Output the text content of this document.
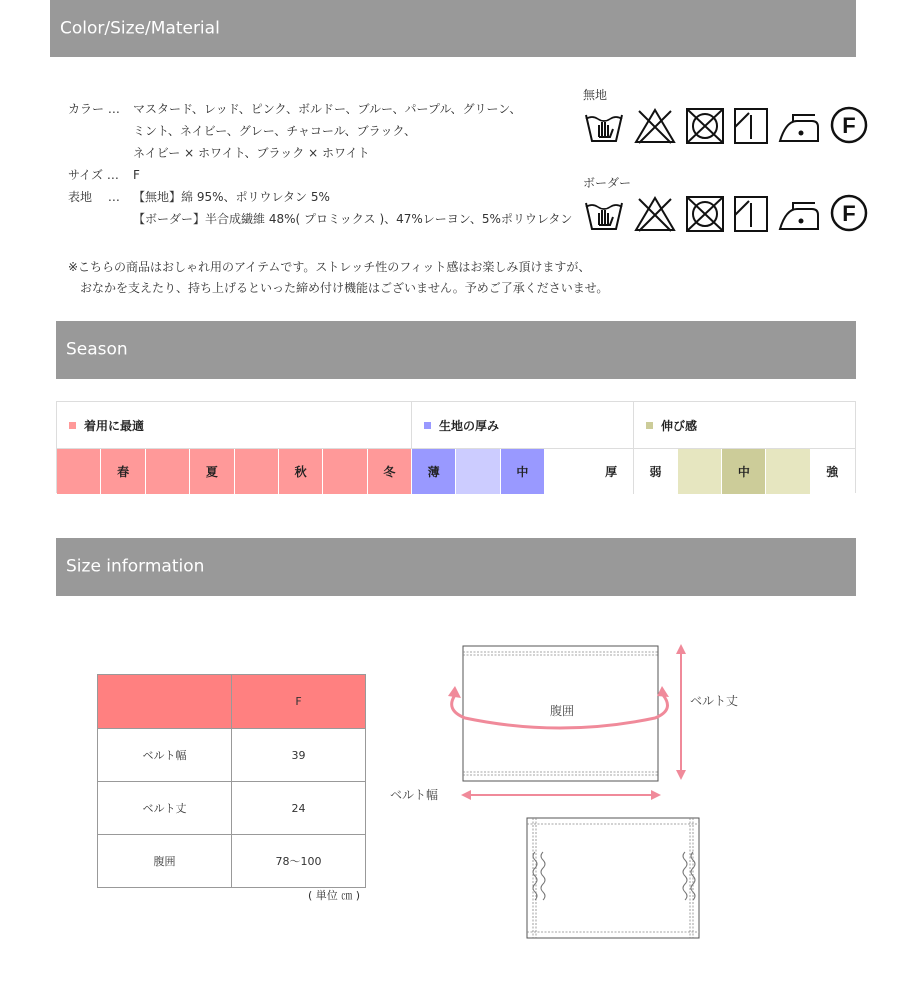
Color/Size/Material
Season
Size information
カラー … マスタード、レッド、ピンク、ボルドー、ブルー、パープル、グリーン、
ミント、ネイビー、グレー、チャコール、ブラック、
ネイビー × ホワイト、ブラック × ホワイト
サイズ … F
表地　 … 【無地】綿 95%、ポリウレタン 5%
【ボーダー】半合成繊維 48%( プロミックス )、47%レーヨン、5%ポリウレタン
無地
ボーダー
F
F
※こちらの商品はおしゃれ用のアイテムです。ストレッチ性のフィット感はお楽しみ頂けますが、
　おなかを支えたり、持ち上げるといった締め付け機能はございません。予めご了承くださいませ。
着用に最適	生地の厚み	伸び感
春	夏	秋	冬	薄	中	厚	弱	中	強
	F
ベルト幅	39
ベルト丈	24
腹囲	78～100
( 単位 ㎝ )
腹囲
ベルト丈
ベルト幅
